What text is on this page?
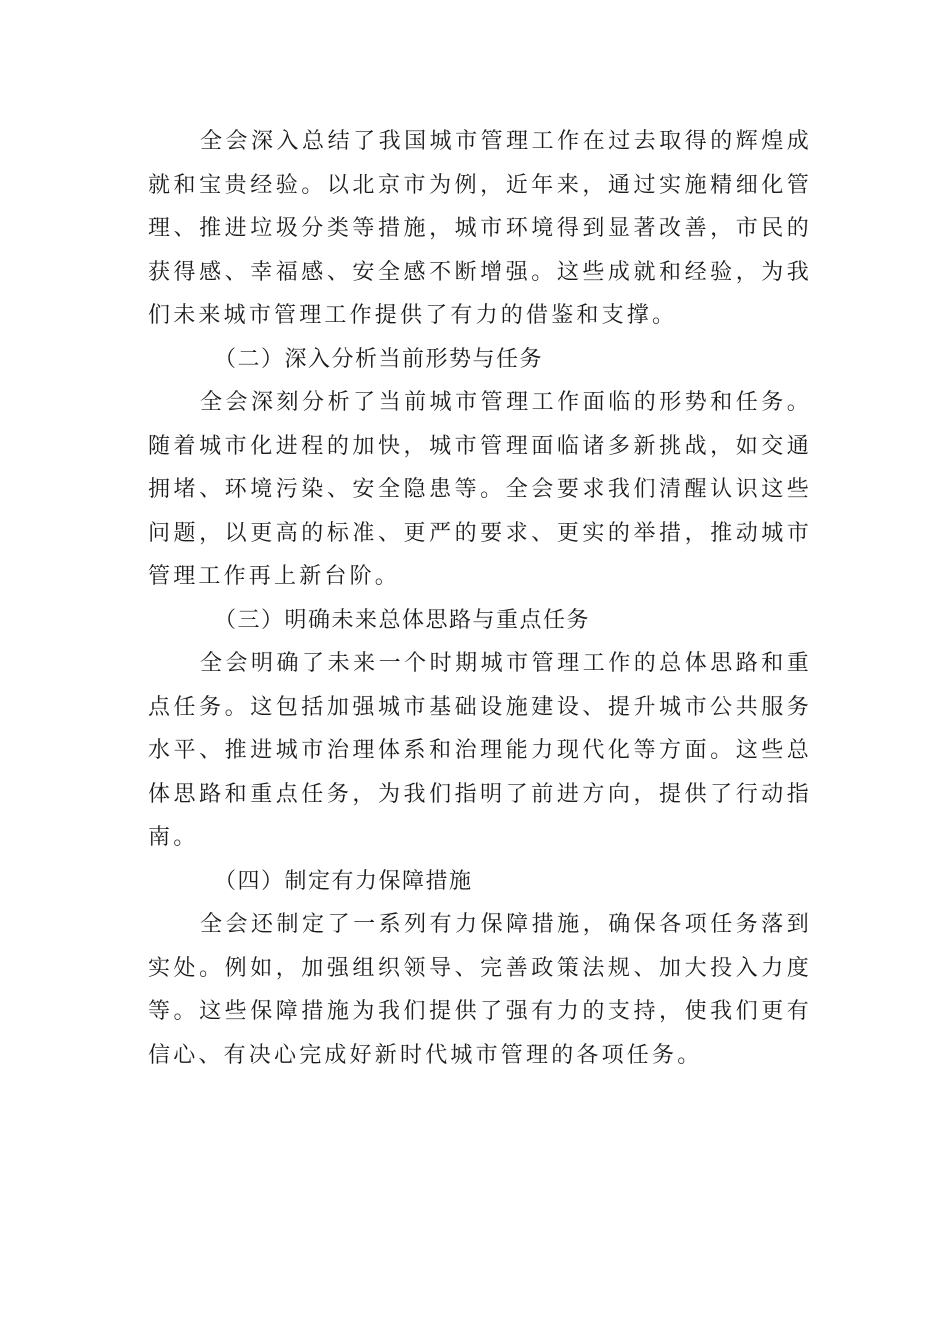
全会深入总结了我国城市管理工作在过去取得的辉煌成就和宝贵经验。以北京市为例，近年来，通过实施精细化管理、推进垃圾分类等措施，城市环境得到显著改善，市民的获得感、幸福感、安全感不断增强。这些成就和经验，为我们未来城市管理工作提供了有力的借鉴和支撑。

（二）深入分析当前形势与任务

全会深刻分析了当前城市管理工作面临的形势和任务。随着城市化进程的加快，城市管理面临诸多新挑战，如交通拥堵、环境污染、安全隐患等。全会要求我们清醒认识这些问题，以更高的标准、更严的要求、更实的举措，推动城市管理工作再上新台阶。

（三）明确未来总体思路与重点任务

全会明确了未来一个时期城市管理工作的总体思路和重点任务。这包括加强城市基础设施建设、提升城市公共服务水平、推进城市治理体系和治理能力现代化等方面。这些总体思路和重点任务，为我们指明了前进方向，提供了行动指南。

（四）制定有力保障措施

全会还制定了一系列有力保障措施，确保各项任务落到实处。例如，加强组织领导、完善政策法规、加大投入力度等。这些保障措施为我们提供了强有力的支持，使我们更有信心、有决心完成好新时代城市管理的各项任务。
